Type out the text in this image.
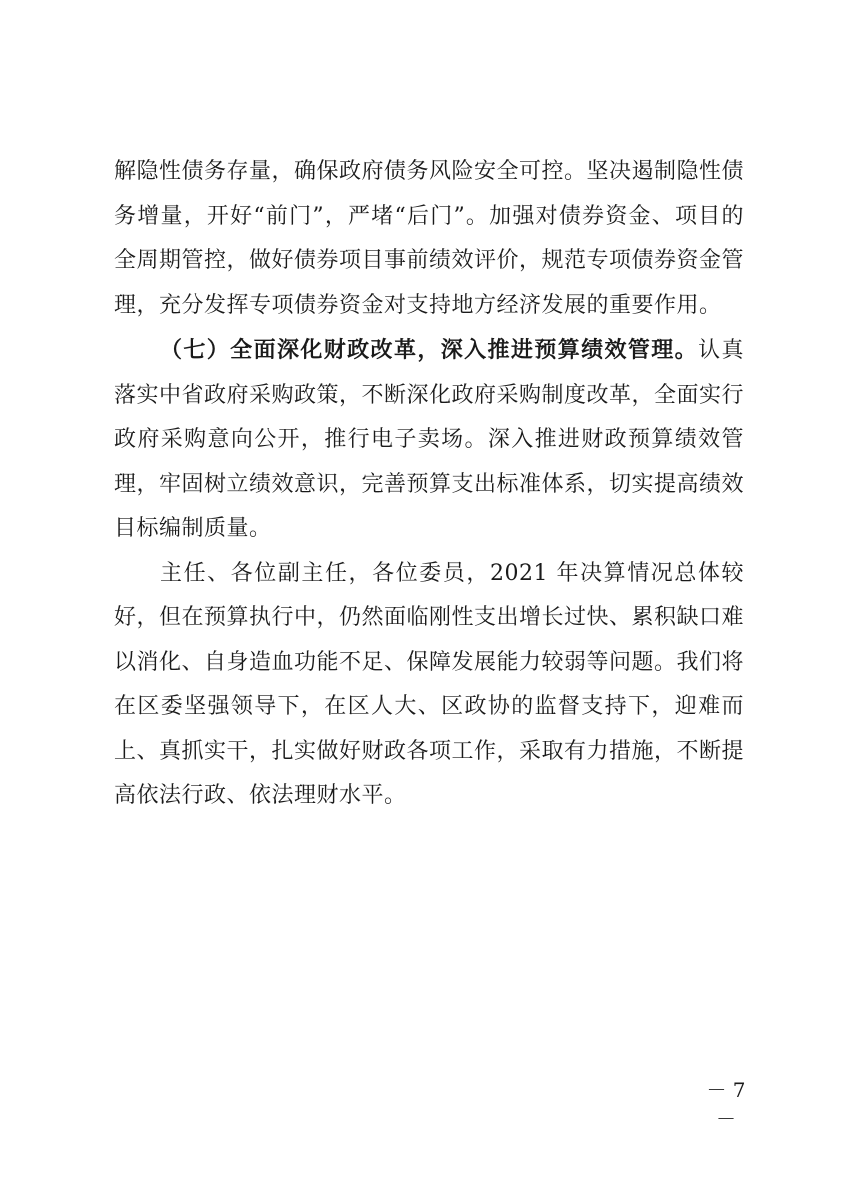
解隐性债务存量，确保政府债务风险安全可控。坚决遏制隐性债务增量，开好“前门”，严堵“后门”。加强对债券资金、项目的全周期管控，做好债券项目事前绩效评价，规范专项债券资金管理，充分发挥专项债券资金对支持地方经济发展的重要作用。

（七）全面深化财政改革，深入推进预算绩效管理。认真落实中省政府采购政策，不断深化政府采购制度改革，全面实行政府采购意向公开，推行电子卖场。深入推进财政预算绩效管理，牢固树立绩效意识，完善预算支出标准体系，切实提高绩效目标编制质量。

主任、各位副主任，各位委员，2021 年决算情况总体较好，但在预算执行中，仍然面临刚性支出增长过快、累积缺口难以消化、自身造血功能不足、保障发展能力较弱等问题。我们将在区委坚强领导下，在区人大、区政协的监督支持下，迎难而上、真抓实干，扎实做好财政各项工作，采取有力措施，不断提高依法行政、依法理财水平。

－ 7 －
